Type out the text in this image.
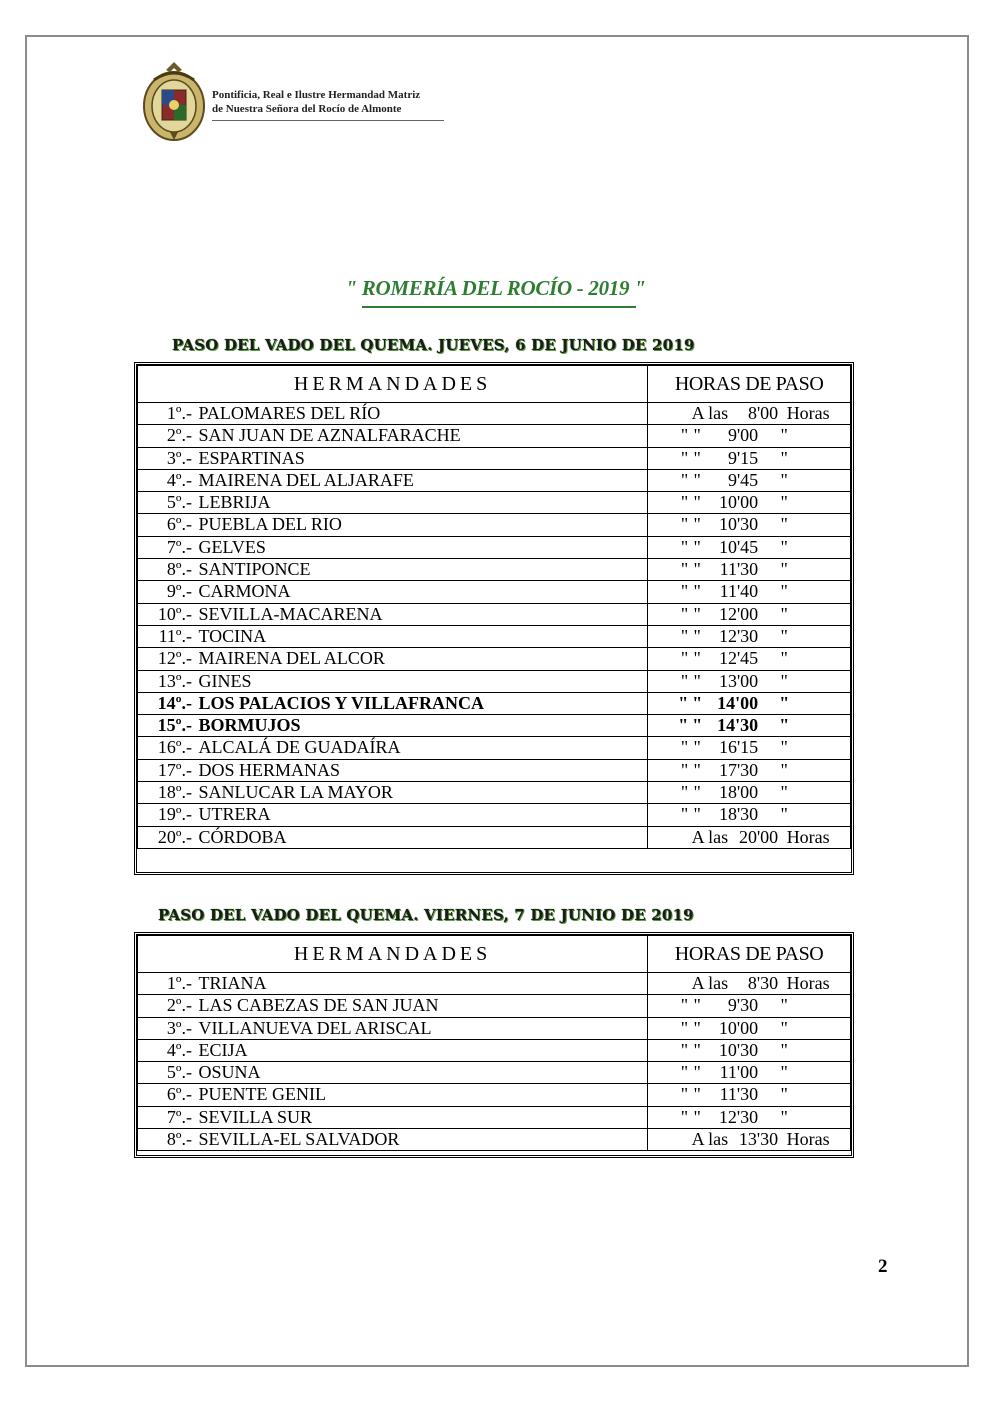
Pontificia, Real e Ilustre Hermandad Matriz
de Nuestra Señora del Rocío de Almonte
" ROMERÍA DEL ROCÍO - 2019 "
PASO DEL VADO DEL QUEMA. JUEVES, 6 DE JUNIO DE 2019
HERMANDADES	HORAS DE PASO
1º.- PALOMARES DEL RÍO	A las 8'00 Horas
2º.- SAN JUAN DE AZNALFARACHE	" " 9'00 "
3º.- ESPARTINAS	" " 9'15 "
4º.- MAIRENA DEL ALJARAFE	" " 9'45 "
5º.- LEBRIJA	" " 10'00 "
6º.- PUEBLA DEL RIO	" " 10'30 "
7º.- GELVES	" " 10'45 "
8º.- SANTIPONCE	" " 11'30 "
9º.- CARMONA	" " 11'40 "
10º.- SEVILLA-MACARENA	" " 12'00 "
11º.- TOCINA	" " 12'30 "
12º.- MAIRENA DEL ALCOR	" " 12'45 "
13º.- GINES	" " 13'00 "
14º.- LOS PALACIOS Y VILLAFRANCA	" " 14'00 "
15º.- BORMUJOS	" " 14'30 "
16º.- ALCALÁ DE GUADAÍRA	" " 16'15 "
17º.- DOS HERMANAS	" " 17'30 "
18º.- SANLUCAR LA MAYOR	" " 18'00 "
19º.- UTRERA	" " 18'30 "
20º.- CÓRDOBA	A las 20'00 Horas
PASO DEL VADO DEL QUEMA. VIERNES, 7 DE JUNIO DE 2019
HERMANDADES	HORAS DE PASO
1º.- TRIANA	A las 8'30 Horas
2º.- LAS CABEZAS DE SAN JUAN	" " 9'30 "
3º.- VILLANUEVA DEL ARISCAL	" " 10'00 "
4º.- ECIJA	" " 10'30 "
5º.- OSUNA	" " 11'00 "
6º.- PUENTE GENIL	" " 11'30 "
7º.- SEVILLA SUR	" " 12'30 "
8º.- SEVILLA-EL SALVADOR	A las 13'30 Horas
2
